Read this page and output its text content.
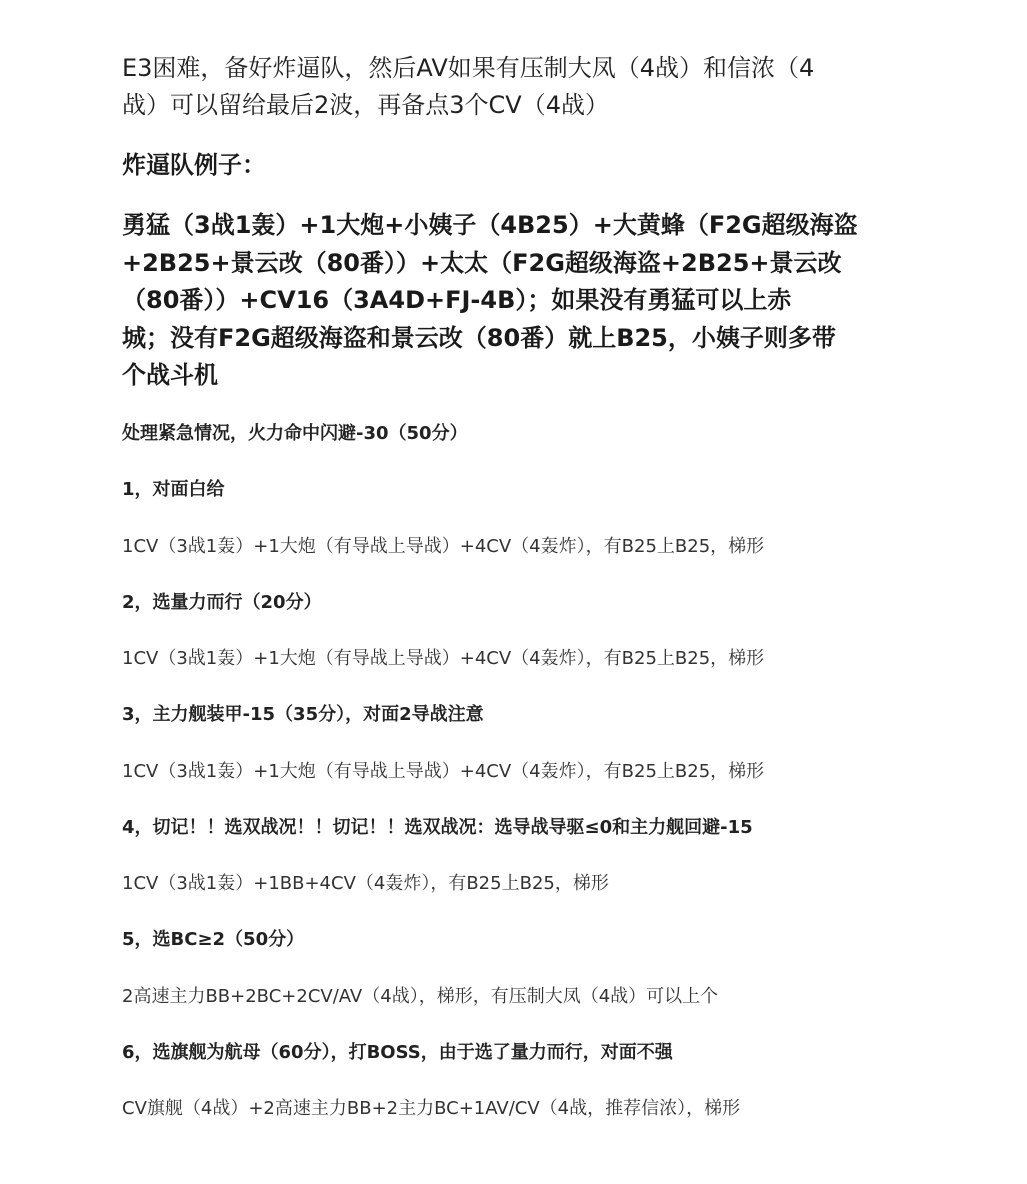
E3困难，备好炸逼队，然后AV如果有压制大凤（4战）和信浓（4

战）可以留给最后2波，再备点3个CV（4战）

炸逼队例子：

勇猛（3战1轰）+1大炮+小姨子（4B25）+大黄蜂（F2G超级海盗

+2B25+景云改（80番））+太太（F2G超级海盗+2B25+景云改

（80番））+CV16（3A4D+FJ-4B）；如果没有勇猛可以上赤

城；没有F2G超级海盗和景云改（80番）就上B25，小姨子则多带

个战斗机

处理紧急情况，火力命中闪避-30（50分）

1，对面白给

1CV（3战1轰）+1大炮（有导战上导战）+4CV（4轰炸），有B25上B25，梯形

2，选量力而行（20分）

1CV（3战1轰）+1大炮（有导战上导战）+4CV（4轰炸），有B25上B25，梯形

3，主力舰装甲-15（35分），对面2导战注意

1CV（3战1轰）+1大炮（有导战上导战）+4CV（4轰炸），有B25上B25，梯形

4，切记！！选双战况！！切记！！选双战况：选导战导驱≤0和主力舰回避-15

1CV（3战1轰）+1BB+4CV（4轰炸），有B25上B25，梯形

5，选BC≥2（50分）

2高速主力BB+2BC+2CV/AV（4战），梯形，有压制大凤（4战）可以上个

6，选旗舰为航母（60分），打BOSS，由于选了量力而行，对面不强

CV旗舰（4战）+2高速主力BB+2主力BC+1AV/CV（4战，推荐信浓），梯形
